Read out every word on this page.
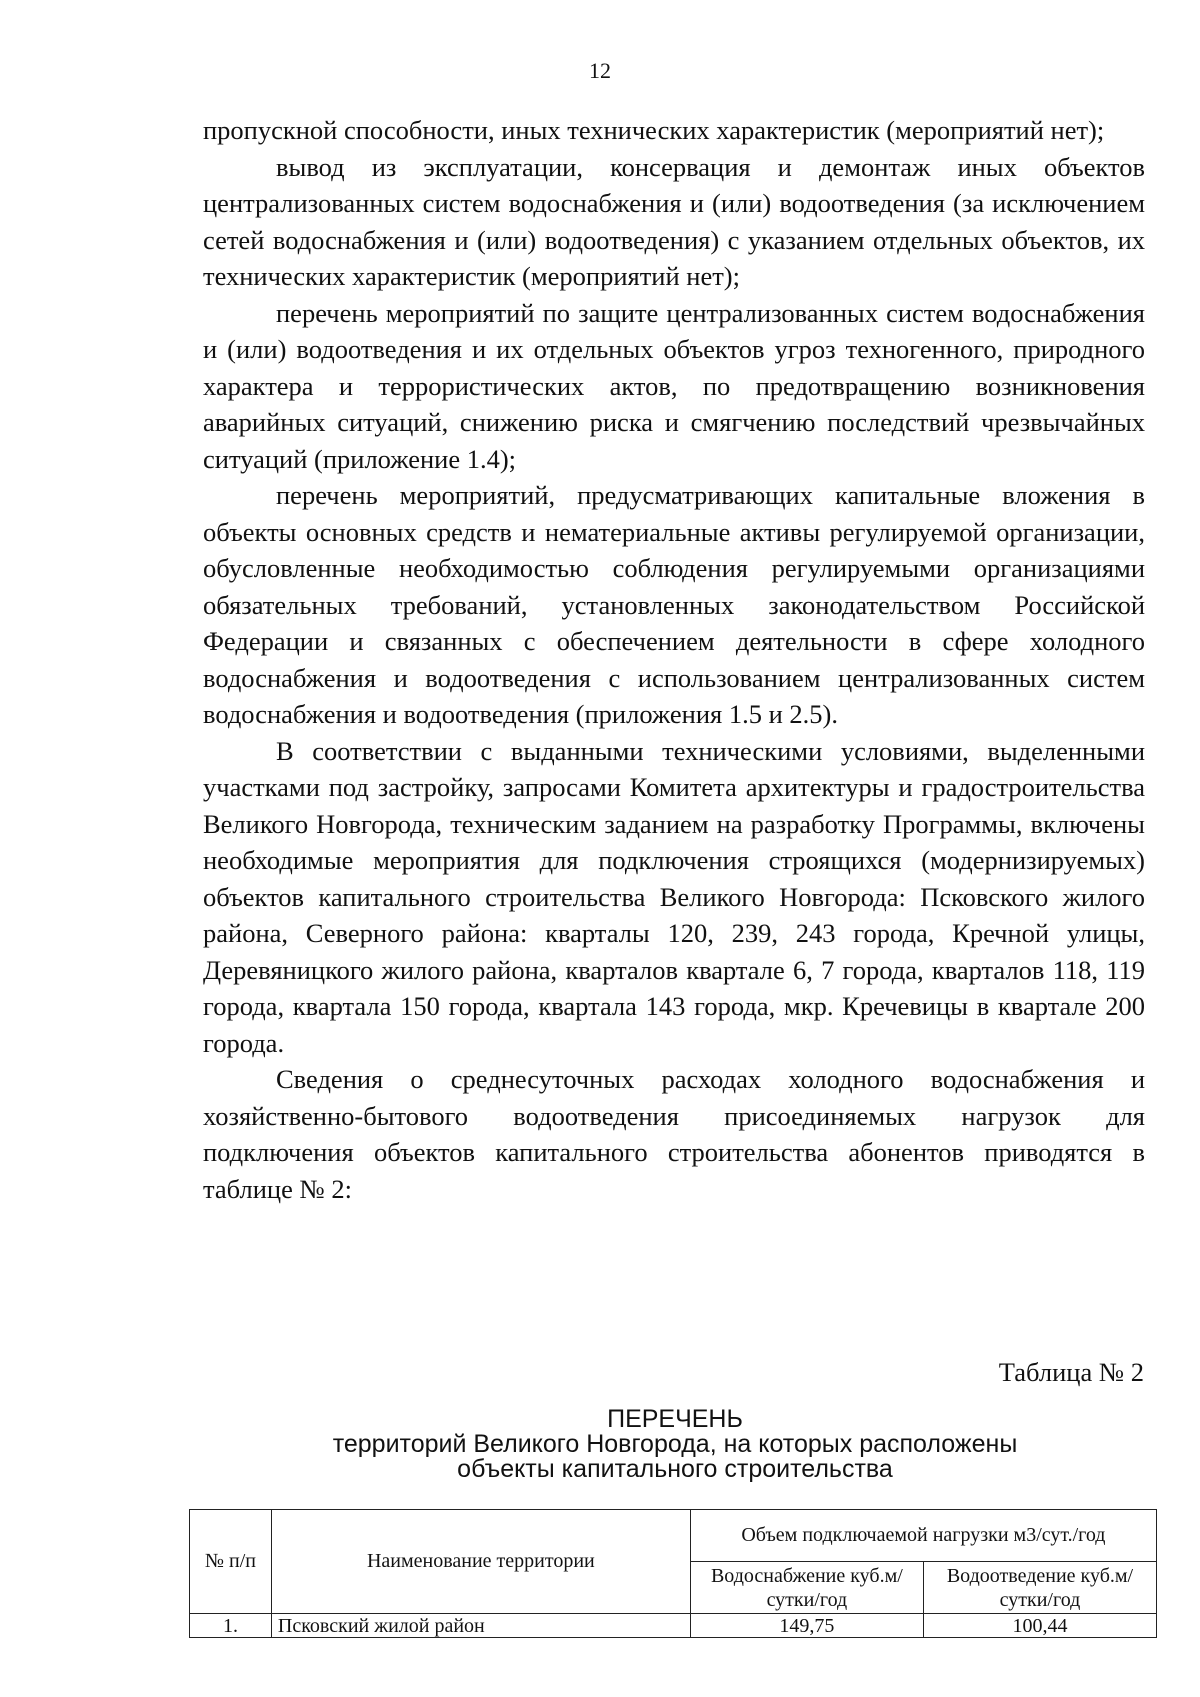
12

пропускной способности, иных технических характеристик (мероприятий нет);

вывод из эксплуатации, консервация и демонтаж иных объектов централизованных систем водоснабжения и (или) водоотведения (за исключением сетей водоснабжения и (или) водоотведения) с указанием отдельных объектов, их технических характеристик (мероприятий нет);

перечень мероприятий по защите централизованных систем водоснабжения и (или) водоотведения и их отдельных объектов угроз техногенного, природного характера и террористических актов, по предотвращению возникновения аварийных ситуаций, снижению риска и смягчению последствий чрезвычайных ситуаций (приложение 1.4);

перечень мероприятий, предусматривающих капитальные вложения в объекты основных средств и нематериальные активы регулируемой организации, обусловленные необходимостью соблюдения регулируемыми организациями обязательных требований, установленных законодательством Российской Федерации и связанных с обеспечением деятельности в сфере холодного водоснабжения и водоотведения с использованием централизованных систем водоснабжения и водоотведения (приложения 1.5 и 2.5).

В соответствии с выданными техническими условиями, выделенными участками под застройку, запросами Комитета архитектуры и градостроительства Великого Новгорода, техническим заданием на разработку Программы, включены необходимые мероприятия для подключения строящихся (модернизируемых) объектов капитального строительства Великого Новгорода: Псковского жилого района, Северного района: кварталы 120, 239, 243 города, Кречной улицы, Деревяницкого жилого района, кварталов квартале 6, 7 города, кварталов 118, 119 города, квартала 150 города, квартала 143 города, мкр. Кречевицы в квартале 200 города.

Сведения о среднесуточных расходах холодного водоснабжения и хозяйственно-бытового водоотведения присоединяемых нагрузок для подключения объектов капитального строительства абонентов приводятся в таблице № 2:

Таблица № 2
ПЕРЕЧЕНЬ
территорий Великого Новгорода, на которых расположены
объекты капитального строительства
№ п/п	Наименование территории	Объем подключаемой нагрузки м3/сут./год	
		Водоснабжение куб.м/сутки/год	Водоотведение куб.м/сутки/год
1.	Псковский жилой район	149,75	100,44
